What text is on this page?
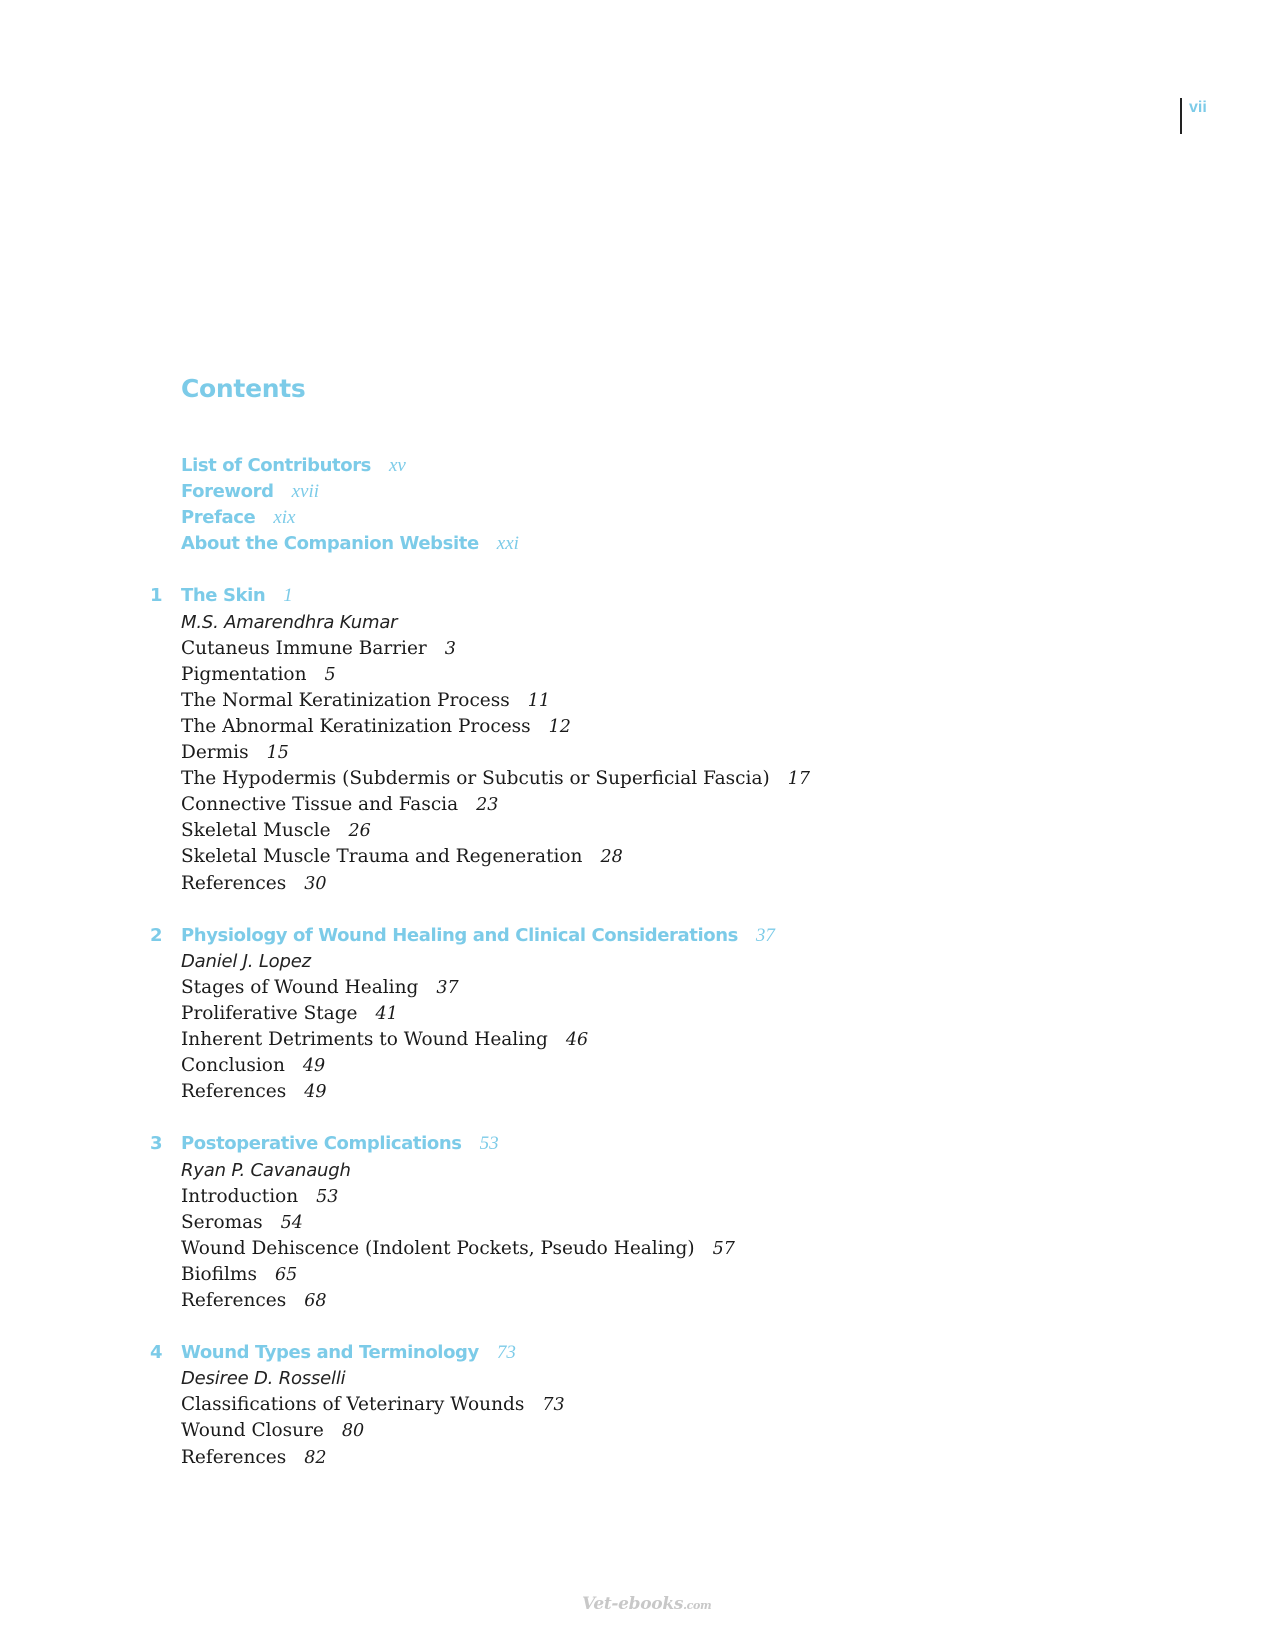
vii
Contents
List of Contributors xv
Foreword xvii
Preface xix
About the Companion Website xxi
1 The Skin 1
M.S. Amarendhra Kumar
Cutaneus Immune Barrier 3
Pigmentation 5
The Normal Keratinization Process 11
The Abnormal Keratinization Process 12
Dermis 15
The Hypodermis (Subdermis or Subcutis or Superficial Fascia) 17
Connective Tissue and Fascia 23
Skeletal Muscle 26
Skeletal Muscle Trauma and Regeneration 28
References 30
2 Physiology of Wound Healing and Clinical Considerations 37
Daniel J. Lopez
Stages of Wound Healing 37
Proliferative Stage 41
Inherent Detriments to Wound Healing 46
Conclusion 49
References 49
3 Postoperative Complications 53
Ryan P. Cavanaugh
Introduction 53
Seromas 54
Wound Dehiscence (Indolent Pockets, Pseudo Healing) 57
Biofilms 65
References 68
4 Wound Types and Terminology 73
Desiree D. Rosselli
Classifications of Veterinary Wounds 73
Wound Closure 80
References 82
Vet-ebooks.com
